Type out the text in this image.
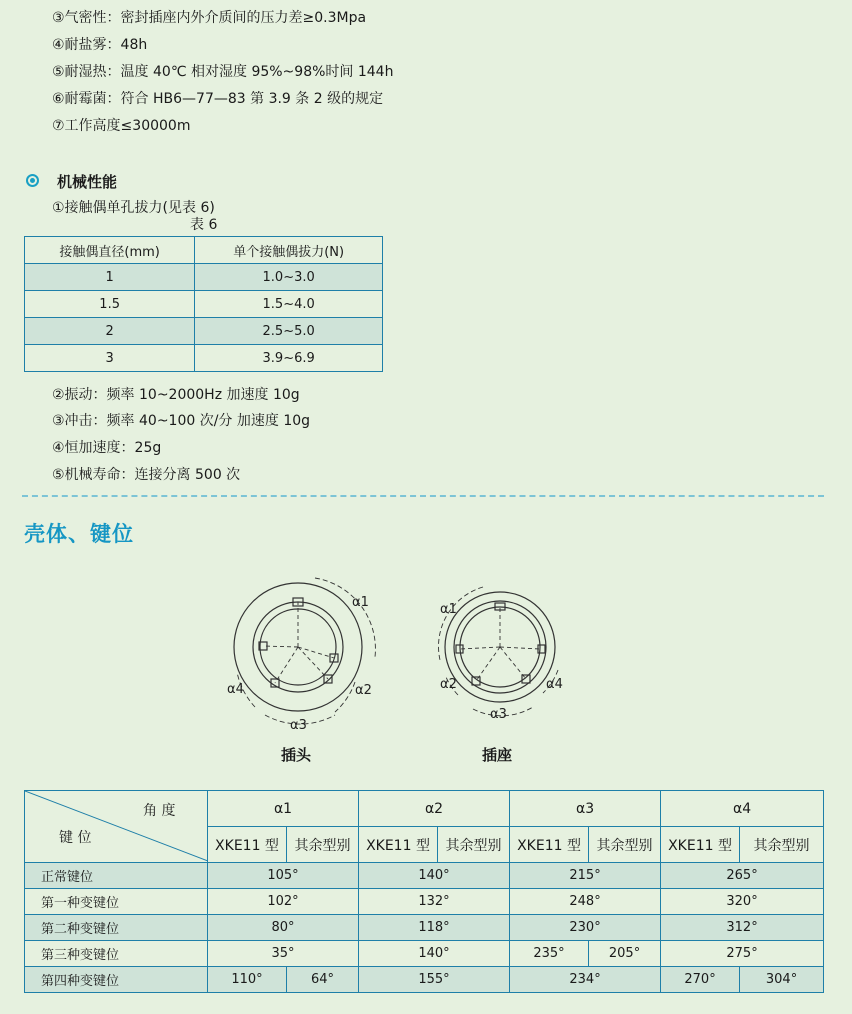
③气密性：密封插座内外介质间的压力差≥0.3Mpa
④耐盐雾：48h
⑤耐湿热：温度 40℃ 相对湿度 95%~98%时间 144h
⑥耐霉菌：符合 HB6—77—83 第 3.9 条 2 级的规定
⑦工作高度≤30000m
机械性能
①接触偶单孔拔力(见表 6)
表 6
接触偶直径(mm)	单个接触偶拔力(N)
1	1.0~3.0
1.5	1.5~4.0
2	2.5~5.0
3	3.9~6.9
②振动：频率 10~2000Hz 加速度 10g
③冲击：频率 40~100 次/分 加速度 10g
④恒加速度：25g
⑤机械寿命：连接分离 500 次
壳体、键位
α1
α2
α3
α4
插头
α1
α2
α3
α4
插座
角 度
键 位	α1		α2		α3		α4	
	XKE11 型	其余型别	XKE11 型	其余型别	XKE11 型	其余型别	XKE11 型	其余型别
正常键位	105°		140°		215°		265°	
第一种变键位	102°		132°		248°		320°	
第二种变键位	80°		118°		230°		312°	
第三种变键位	35°		140°		235°	205°	275°	
第四种变键位	110°	64°	155°		234°		270°	304°
